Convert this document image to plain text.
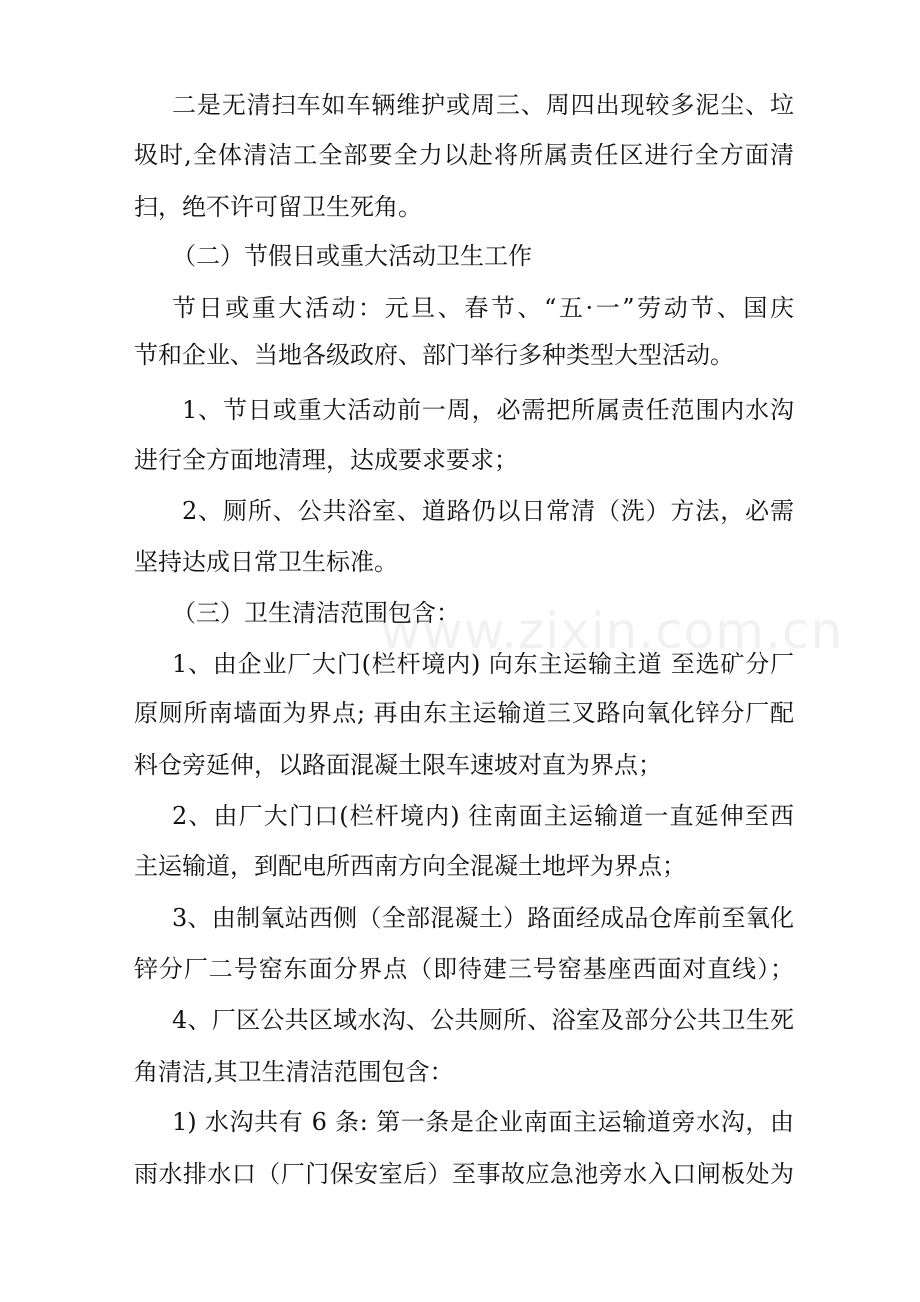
二是无清扫车如车辆维护或周三、周四出现较多泥尘、垃
圾时,全体清洁工全部要全力以赴将所属责任区进行全方面清
扫，绝不许可留卫生死角。
（二）节假日或重大活动卫生工作
节日或重大活动：元旦、春节、“五·一”劳动节、国庆
节和企业、当地各级政府、部门举行多种类型大型活动。
1、节日或重大活动前一周，必需把所属责任范围内水沟
进行全方面地清理，达成要求要求；
2、厕所、公共浴室、道路仍以日常清（洗）方法，必需
坚持达成日常卫生标准。
（三）卫生清洁范围包含：
1、由企业厂大门(栏杆境内) 向东主运输主道 至选矿分厂
原厕所南墙面为界点; 再由东主运输道三叉路向氧化锌分厂配
料仓旁延伸，以路面混凝土限车速坡对直为界点；
2、由厂大门口(栏杆境内) 往南面主运输道一直延伸至西
主运输道，到配电所西南方向全混凝土地坪为界点；
3、由制氧站西侧（全部混凝土）路面经成品仓库前至氧化
锌分厂二号窑东面分界点（即待建三号窑基座西面对直线）；
4、厂区公共区域水沟、公共厕所、浴室及部分公共卫生死
角清洁,其卫生清洁范围包含：
1) 水沟共有 6 条: 第一条是企业南面主运输道旁水沟，由
雨水排水口（厂门保安室后）至事故应急池旁水入口闸板处为
www.zixin.com.cn
